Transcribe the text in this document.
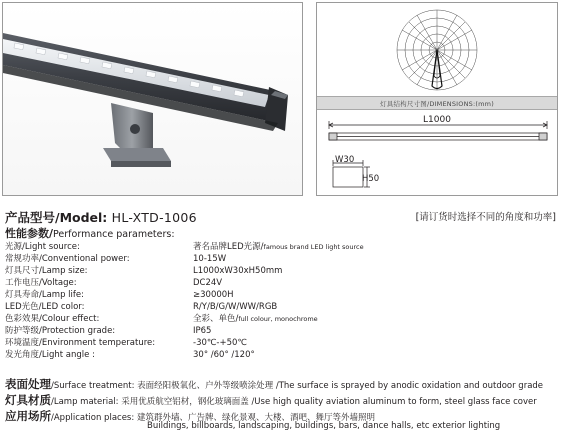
灯具结构尺寸图/DIMENSIONS:(mm)
L1000
W30
H50
产品型号/Model: HL-XTD-1006	[请订货时选择不同的角度和功率]
性能参数/Performance parameters:
光源/Light source:	著名品牌LED光源/famous brand LED light source
常规功率/Conventional power:	10-15W
灯具尺寸/Lamp size:	L1000xW30xH50mm
工作电压/Voltage:	DC24V
灯具寿命/Lamp life:	≥30000H
LED光色/LED color:	R/Y/B/G/W/WW/RGB
色彩效果/Colour effect:	全彩、单色/full colour, monochrome
防护等级/Protection grade:	IP65
环境温度/Environment temperature:	-30℃-+50℃
发光角度/Light angle :	30° /60° /120°
表面处理/Surface treatment: 表面经阳极氧化、户外等级喷涂处理 /The surface is sprayed by anodic oxidation and outdoor grade
灯具材质/Lamp material: 采用优质航空铝材，钢化玻璃面盖 /Use high quality aviation aluminum to form, steel glass face cover
应用场所/Application places: 建筑群外墙、广告牌、绿化景观、大楼、酒吧、舞厅等外墙照明
Buildings, billboards, landscaping, buildings, bars, dance halls, etc exterior lighting
